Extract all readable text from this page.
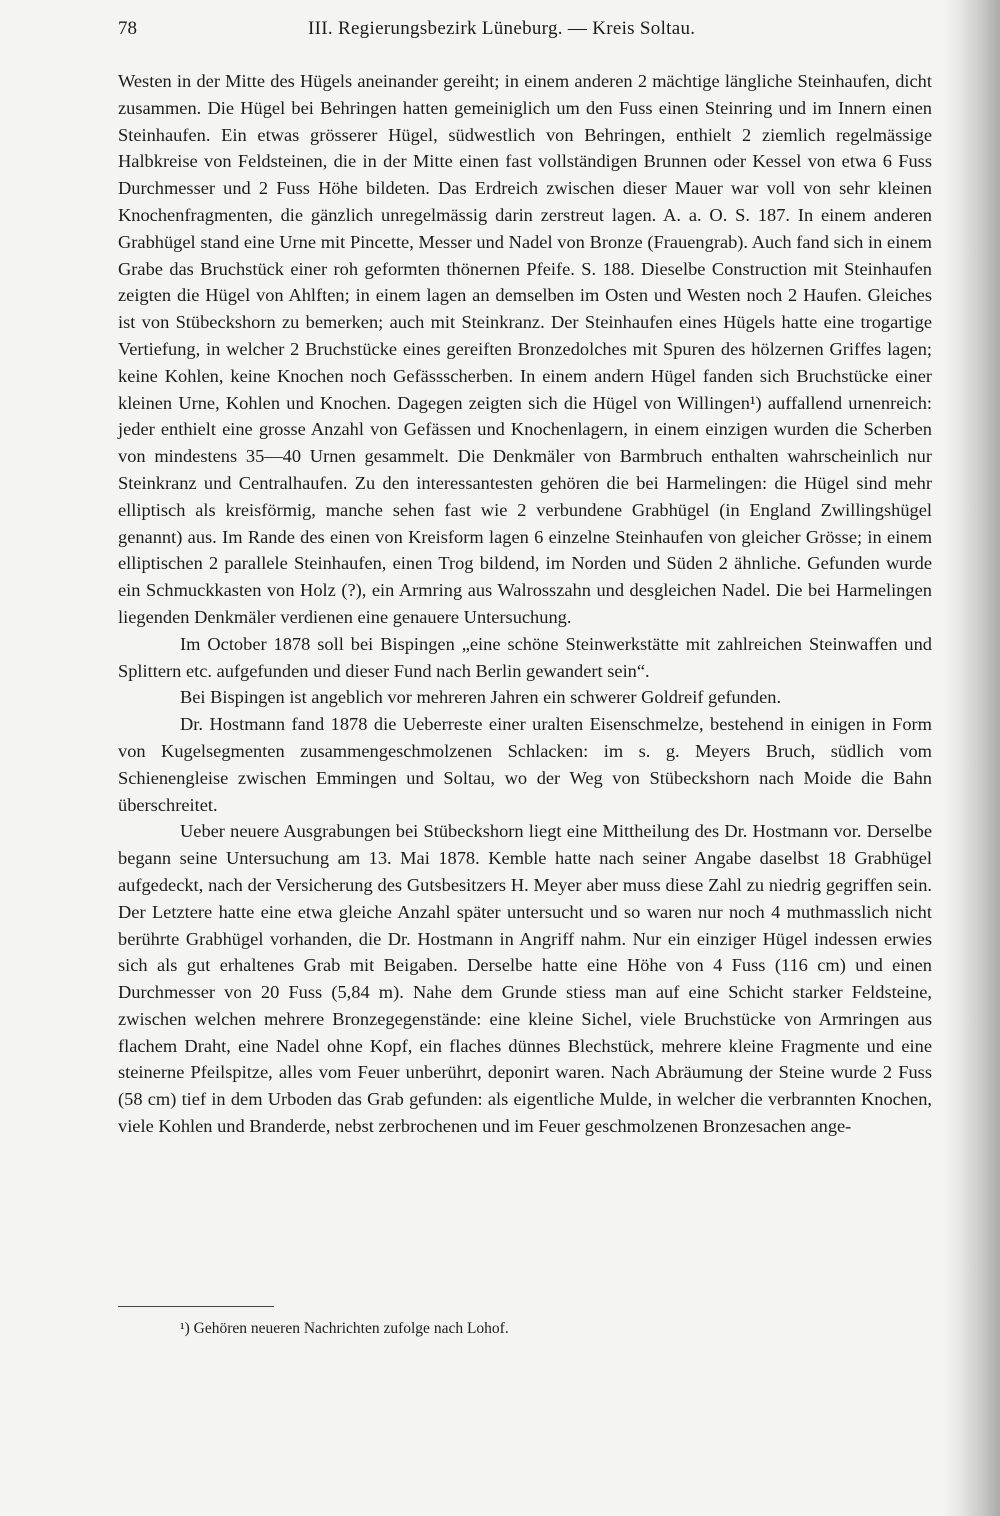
78	III. Regierungsbezirk Lüneburg. — Kreis Soltau.

Westen in der Mitte des Hügels aneinander gereiht; in einem anderen 2 mächtige längliche Steinhaufen, dicht zusammen. Die Hügel bei Behringen hatten gemeiniglich um den Fuss einen Steinring und im Innern einen Steinhaufen. Ein etwas grösserer Hügel, südwestlich von Behringen, enthielt 2 ziemlich regelmässige Halbkreise von Feldsteinen, die in der Mitte einen fast vollständigen Brunnen oder Kessel von etwa 6 Fuss Durchmesser und 2 Fuss Höhe bildeten. Das Erdreich zwischen dieser Mauer war voll von sehr kleinen Knochenfragmenten, die gänzlich unregelmässig darin zerstreut lagen. A. a. O. S. 187. In einem anderen Grabhügel stand eine Urne mit Pincette, Messer und Nadel von Bronze (Frauengrab). Auch fand sich in einem Grabe das Bruchstück einer roh geformten thönernen Pfeife. S. 188. Dieselbe Construction mit Steinhaufen zeigten die Hügel von Ahlften; in einem lagen an demselben im Osten und Westen noch 2 Haufen. Gleiches ist von Stübeckshorn zu bemerken; auch mit Steinkranz. Der Steinhaufen eines Hügels hatte eine trogartige Vertiefung, in welcher 2 Bruchstücke eines gereiften Bronzedolches mit Spuren des hölzernen Griffes lagen; keine Kohlen, keine Knochen noch Gefässscherben. In einem andern Hügel fanden sich Bruchstücke einer kleinen Urne, Kohlen und Knochen. Dagegen zeigten sich die Hügel von Willingen¹) auffallend urnenreich: jeder enthielt eine grosse Anzahl von Gefässen und Knochenlagern, in einem einzigen wurden die Scherben von mindestens 35—40 Urnen gesammelt. Die Denkmäler von Barmbruch enthalten wahrscheinlich nur Steinkranz und Centralhaufen. Zu den interessantesten gehören die bei Harmelingen: die Hügel sind mehr elliptisch als kreisförmig, manche sehen fast wie 2 verbundene Grabhügel (in England Zwillingshügel genannt) aus. Im Rande des einen von Kreisform lagen 6 einzelne Steinhaufen von gleicher Grösse; in einem elliptischen 2 parallele Steinhaufen, einen Trog bildend, im Norden und Süden 2 ähnliche. Gefunden wurde ein Schmuckkasten von Holz (?), ein Armring aus Walrosszahn und desgleichen Nadel. Die bei Harmelingen liegenden Denkmäler verdienen eine genauere Untersuchung.

Im October 1878 soll bei Bispingen „eine schöne Steinwerkstätte mit zahlreichen Steinwaffen und Splittern etc. aufgefunden und dieser Fund nach Berlin gewandert sein“.

Bei Bispingen ist angeblich vor mehreren Jahren ein schwerer Goldreif gefunden.

Dr. Hostmann fand 1878 die Ueberreste einer uralten Eisenschmelze, bestehend in einigen in Form von Kugelsegmenten zusammengeschmolzenen Schlacken: im s. g. Meyers Bruch, südlich vom Schienengleise zwischen Emmingen und Soltau, wo der Weg von Stübeckshorn nach Moide die Bahn überschreitet.

Ueber neuere Ausgrabungen bei Stübeckshorn liegt eine Mittheilung des Dr. Hostmann vor. Derselbe begann seine Untersuchung am 13. Mai 1878. Kemble hatte nach seiner Angabe daselbst 18 Grabhügel aufgedeckt, nach der Versicherung des Gutsbesitzers H. Meyer aber muss diese Zahl zu niedrig gegriffen sein. Der Letztere hatte eine etwa gleiche Anzahl später untersucht und so waren nur noch 4 muthmasslich nicht berührte Grabhügel vorhanden, die Dr. Hostmann in Angriff nahm. Nur ein einziger Hügel indessen erwies sich als gut erhaltenes Grab mit Beigaben. Derselbe hatte eine Höhe von 4 Fuss (116 cm) und einen Durchmesser von 20 Fuss (5,84 m). Nahe dem Grunde stiess man auf eine Schicht starker Feldsteine, zwischen welchen mehrere Bronzegegenstände: eine kleine Sichel, viele Bruchstücke von Armringen aus flachem Draht, eine Nadel ohne Kopf, ein flaches dünnes Blechstück, mehrere kleine Fragmente und eine steinerne Pfeilspitze, alles vom Feuer unberührt, deponirt waren. Nach Abräumung der Steine wurde 2 Fuss (58 cm) tief in dem Urboden das Grab gefunden: als eigentliche Mulde, in welcher die verbrannten Knochen, viele Kohlen und Branderde, nebst zerbrochenen und im Feuer geschmolzenen Bronzesachen ange-

¹) Gehören neueren Nachrichten zufolge nach Lohof.
